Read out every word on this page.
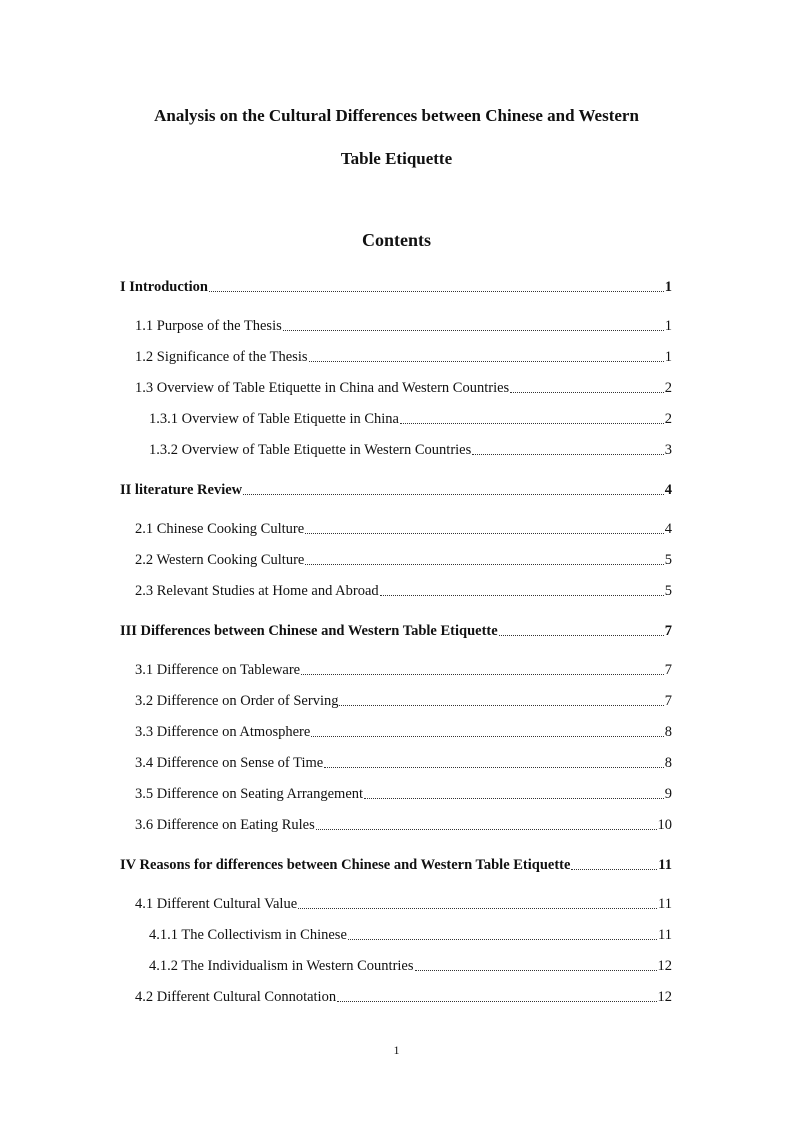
Analysis on the Cultural Differences between Chinese and Western
Table Etiquette
Contents
I Introduction	1
1.1 Purpose of the Thesis	1
1.2 Significance of the Thesis	1
1.3 Overview of Table Etiquette in China and Western Countries	2
1.3.1 Overview of Table Etiquette in China	2
1.3.2 Overview of Table Etiquette in Western Countries	3
II literature Review	4
2.1 Chinese Cooking Culture	4
2.2 Western Cooking Culture	5
2.3 Relevant Studies at Home and Abroad	5
III Differences between Chinese and Western Table Etiquette	7
3.1 Difference on Tableware	7
3.2 Difference on Order of Serving	7
3.3 Difference on Atmosphere	8
3.4 Difference on Sense of Time	8
3.5 Difference on Seating Arrangement	9
3.6 Difference on Eating Rules	10
IV Reasons for differences between Chinese and Western Table Etiquette	11
4.1 Different Cultural Value	11
4.1.1 The Collectivism in Chinese	11
4.1.2 The Individualism in Western Countries	12
4.2 Different Cultural Connotation	12
1
